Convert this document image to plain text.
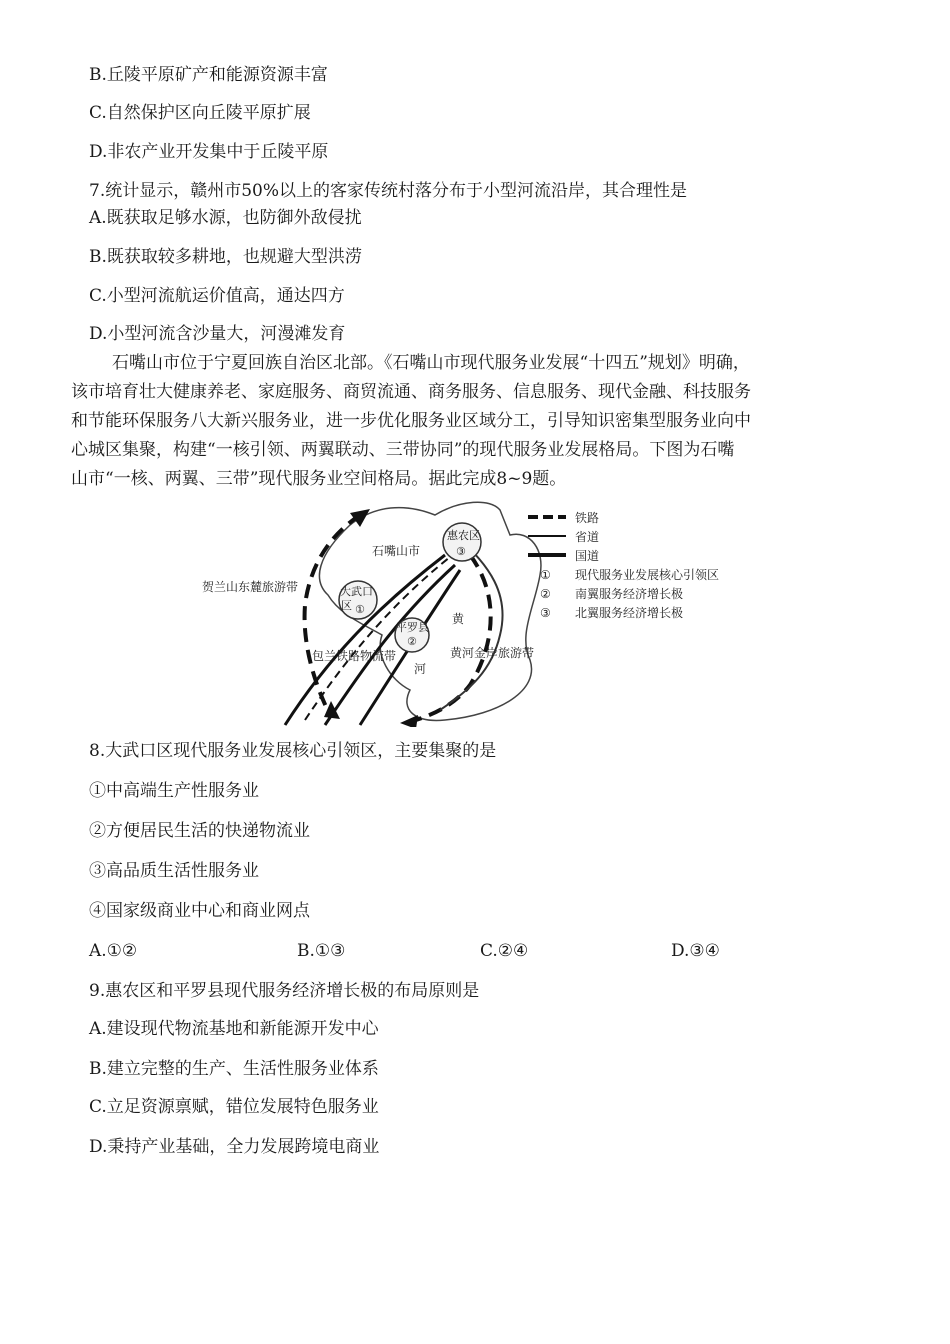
B.丘陵平原矿产和能源资源丰富
C.自然保护区向丘陵平原扩展
D.非农产业开发集中于丘陵平原
7.统计显示，赣州市50%以上的客家传统村落分布于小型河流沿岸，其合理性是
A.既获取足够水源，也防御外敌侵扰
B.既获取较多耕地，也规避大型洪涝
C.小型河流航运价值高，通达四方
D.小型河流含沙量大，河漫滩发育
石嘴山市位于宁夏回族自治区北部。《石嘴山市现代服务业发展“十四五”规划》明确，
该市培育壮大健康养老、家庭服务、商贸流通、商务服务、信息服务、现代金融、科技服务
和节能环保服务八大新兴服务业，进一步优化服务业区域分工，引导知识密集型服务业向中
心城区集聚，构建“一核引领、两翼联动、三带协同”的现代服务业发展格局。下图为石嘴
山市“一核、两翼、三带”现代服务业空间格局。据此完成8~9题。
石嘴山市
惠农区
③
大武口
区 ①
平罗县
②
贺兰山东麓旅游带
包兰铁路物流带	黄河金岸旅游带
黄
河
铁路
省道
国道
① 现代服务业发展核心引领区
② 南翼服务经济增长极
③ 北翼服务经济增长极
8.大武口区现代服务业发展核心引领区，主要集聚的是
①中高端生产性服务业
②方便居民生活的快递物流业
③高品质生活性服务业
④国家级商业中心和商业网点
A.①②	B.①③	C.②④	D.③④
9.惠农区和平罗县现代服务经济增长极的布局原则是
A.建设现代物流基地和新能源开发中心
B.建立完整的生产、生活性服务业体系
C.立足资源禀赋，错位发展特色服务业
D.秉持产业基础，全力发展跨境电商业
